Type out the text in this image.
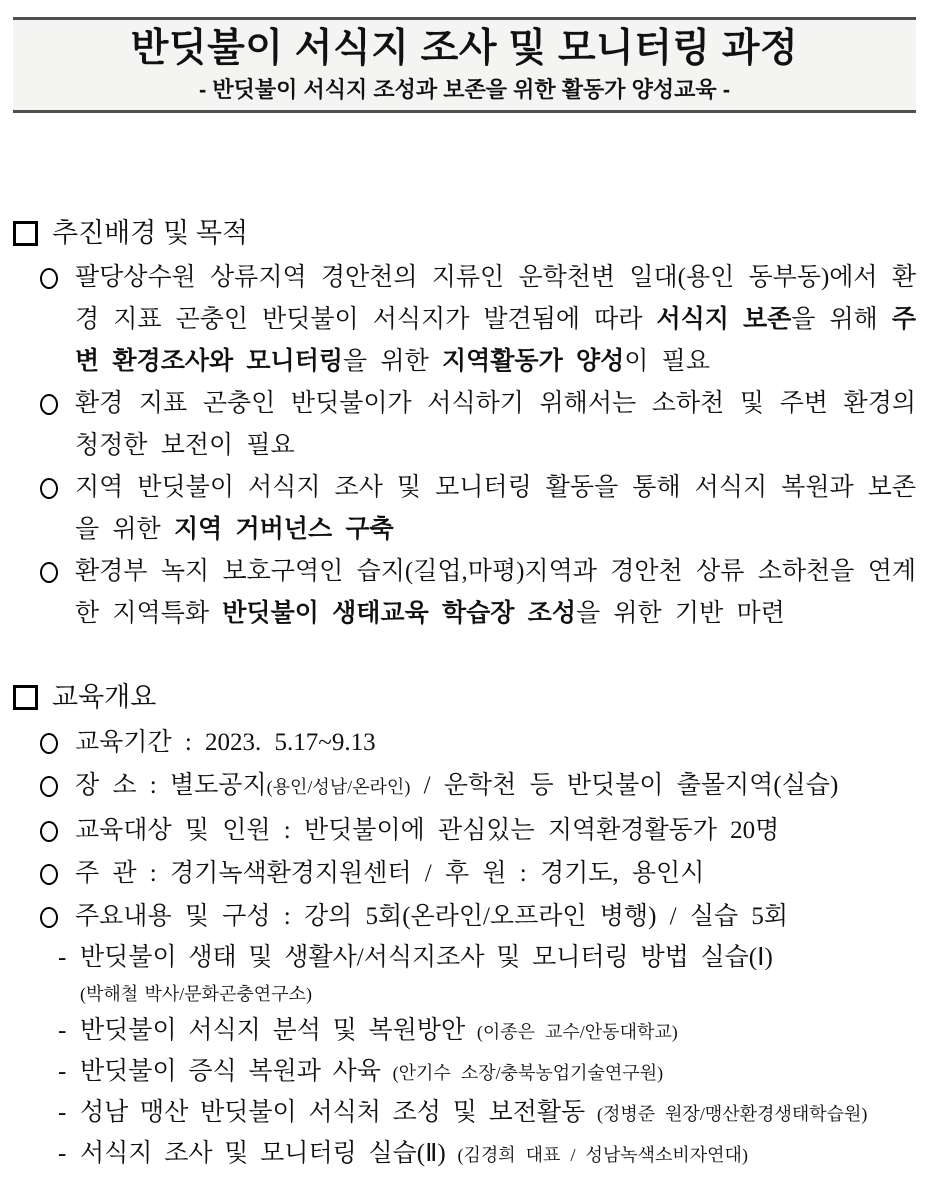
반딧불이 서식지 조사 및 모니터링 과정
- 반딧불이 서식지 조성과 보존을 위한 활동가 양성교육 -
추진배경 및 목적
팔당상수원 상류지역 경안천의 지류인 운학천변 일대(용인 동부동)에서 환경 지표 곤충인 반딧불이 서식지가 발견됨에 따라 서식지 보존을 위해 주변 환경조사와 모니터링을 위한 지역활동가 양성이 필요
환경 지표 곤충인 반딧불이가 서식하기 위해서는 소하천 및 주변 환경의 청정한 보전이 필요
지역 반딧불이 서식지 조사 및 모니터링 활동을 통해 서식지 복원과 보존을 위한 지역 거버넌스 구축
환경부 녹지 보호구역인 습지(길업,마평)지역과 경안천 상류 소하천을 연계한 지역특화 반딧불이 생태교육 학습장 조성을 위한 기반 마련
교육개요
교육기간 : 2023. 5.17~9.13
장 소 : 별도공지(용인/성남/온라인) / 운학천 등 반딧불이 출몰지역(실습)
교육대상 및 인원 : 반딧불이에 관심있는 지역환경활동가 20명
주 관 : 경기녹색환경지원센터 / 후 원 : 경기도, 용인시
주요내용 및 구성 : 강의 5회(온라인/오프라인 병행) / 실습 5회
- 반딧불이 생태 및 생활사/서식지조사 및 모니터링 방법 실습(Ⅰ)
(박해철 박사/문화곤충연구소)
- 반딧불이 서식지 분석 및 복원방안 (이종은 교수/안동대학교)
- 반딧불이 증식 복원과 사육 (안기수 소장/충북농업기술연구원)
- 성남 맹산 반딧불이 서식처 조성 및 보전활동 (정병준 원장/맹산환경생태학습원)
- 서식지 조사 및 모니터링 실습(Ⅱ) (김경희 대표 / 성남녹색소비자연대)
